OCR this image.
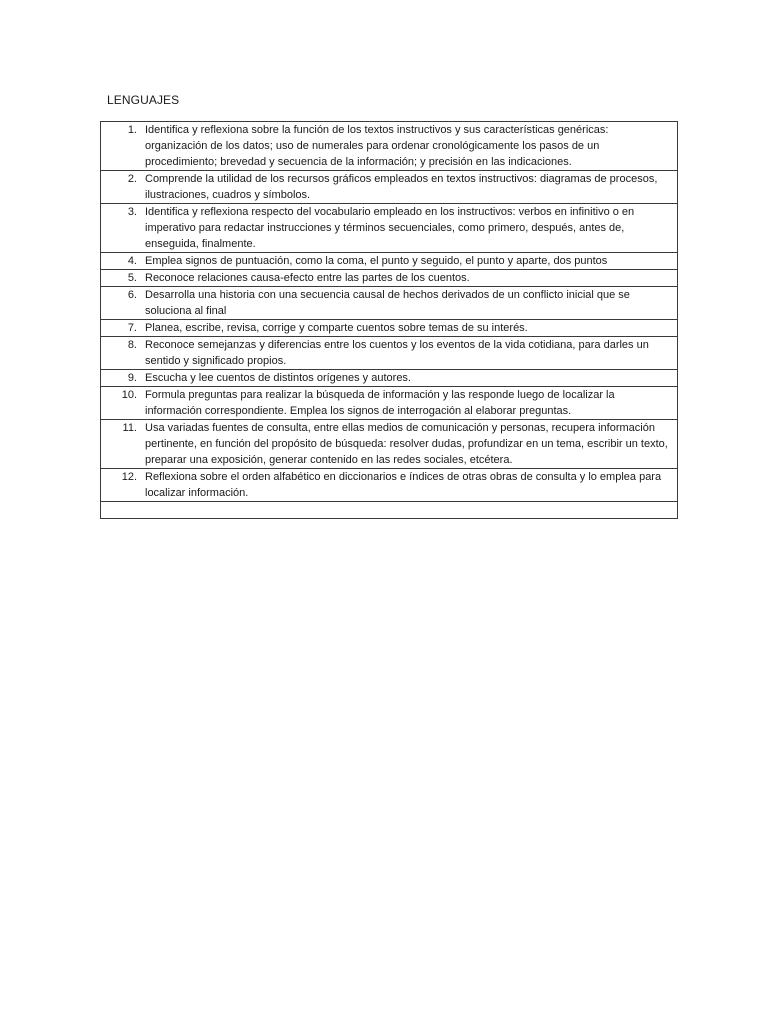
LENGUAJES
1. Identifica y reflexiona sobre la función de los textos instructivos y sus características genéricas: organización de los datos; uso de numerales para ordenar cronológicamente los pasos de un procedimiento; brevedad y secuencia de la información; y precisión en las indicaciones.

2. Comprende la utilidad de los recursos gráficos empleados en textos instructivos: diagramas de procesos, ilustraciones, cuadros y símbolos.

3. Identifica y reflexiona respecto del vocabulario empleado en los instructivos: verbos en infinitivo o en imperativo para redactar instrucciones y términos secuenciales, como primero, después, antes de, enseguida, finalmente.

4. Emplea signos de puntuación, como la coma, el punto y seguido, el punto y aparte, dos puntos

5. Reconoce relaciones causa-efecto entre las partes de los cuentos.

6. Desarrolla una historia con una secuencia causal de hechos derivados de un conflicto inicial que se soluciona al final

7. Planea, escribe, revisa, corrige y comparte cuentos sobre temas de su interés.

8. Reconoce semejanzas y diferencias entre los cuentos y los eventos de la vida cotidiana, para darles un sentido y significado propios.

9. Escucha y lee cuentos de distintos orígenes y autores.

10. Formula preguntas para realizar la búsqueda de información y las responde luego de localizar la información correspondiente. Emplea los signos de interrogación al elaborar preguntas.

11. Usa variadas fuentes de consulta, entre ellas medios de comunicación y personas, recupera información pertinente, en función del propósito de búsqueda: resolver dudas, profundizar en un tema, escribir un texto, preparar una exposición, generar contenido en las redes sociales, etcétera.

12. Reflexiona sobre el orden alfabético en diccionarios e índices de otras obras de consulta y lo emplea para localizar información.
